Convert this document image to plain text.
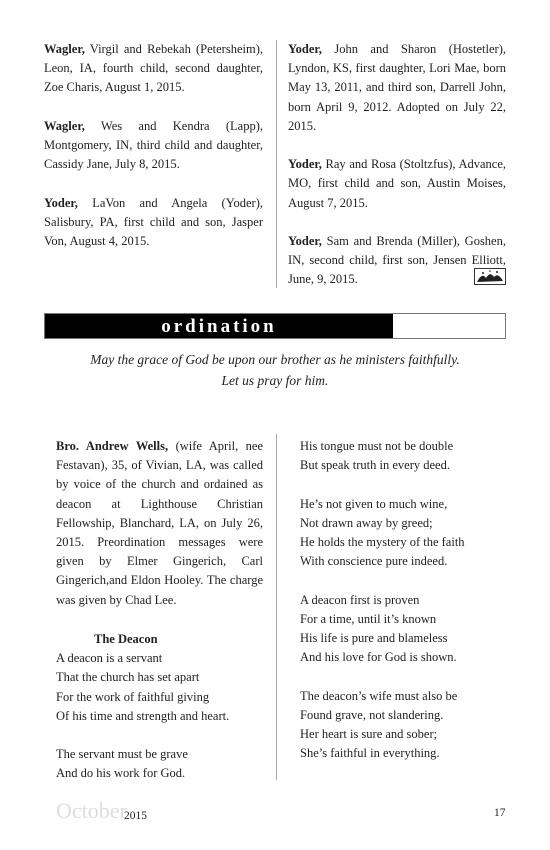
Wagler, Virgil and Rebekah (Petersheim), Leon, IA, fourth child, second daughter, Zoe Charis, August 1, 2015.

Wagler, Wes and Kendra (Lapp), Montgomery, IN, third child and daughter, Cassidy Jane, July 8, 2015.

Yoder, LaVon and Angela (Yoder), Salisbury, PA, first child and son, Jasper Von, August 4, 2015.

Yoder, John and Sharon (Hostetler), Lyndon, KS, first daughter, Lori Mae, born May 13, 2011, and third son, Darrell John, born April 9, 2012. Adopted on July 22, 2015.

Yoder, Ray and Rosa (Stoltzfus), Advance, MO, first child and son, Austin Moises, August 7, 2015.

Yoder, Sam and Brenda (Miller), Goshen, IN, second child, first son, Jensen Elliott, June, 9, 2015.

ordination
May the grace of God be upon our brother as he ministers faithfully.
Let us pray for him.

Bro. Andrew Wells, (wife April, nee Festavan), 35, of Vivian, LA, was called by voice of the church and ordained as deacon at Lighthouse Christian Fellowship, Blanchard, LA, on July 26, 2015. Preordination messages were given by Elmer Gingerich, Carl Gingerich,and Eldon Hooley. The charge was given by Chad Lee.

The Deacon
A deacon is a servant
That the church has set apart
For the work of faithful giving
Of his time and strength and heart.
The servant must be grave
And do his work for God.
His tongue must not be double
But speak truth in every deed.
He’s not given to much wine,
Not drawn away by greed;
He holds the mystery of the faith
With conscience pure indeed.
A deacon first is proven
For a time, until it’s known
His life is pure and blameless
And his love for God is shown.
The deacon’s wife must also be
Found grave, not slandering.
Her heart is sure and sober;
She’s faithful in everything.
October
2015	17
